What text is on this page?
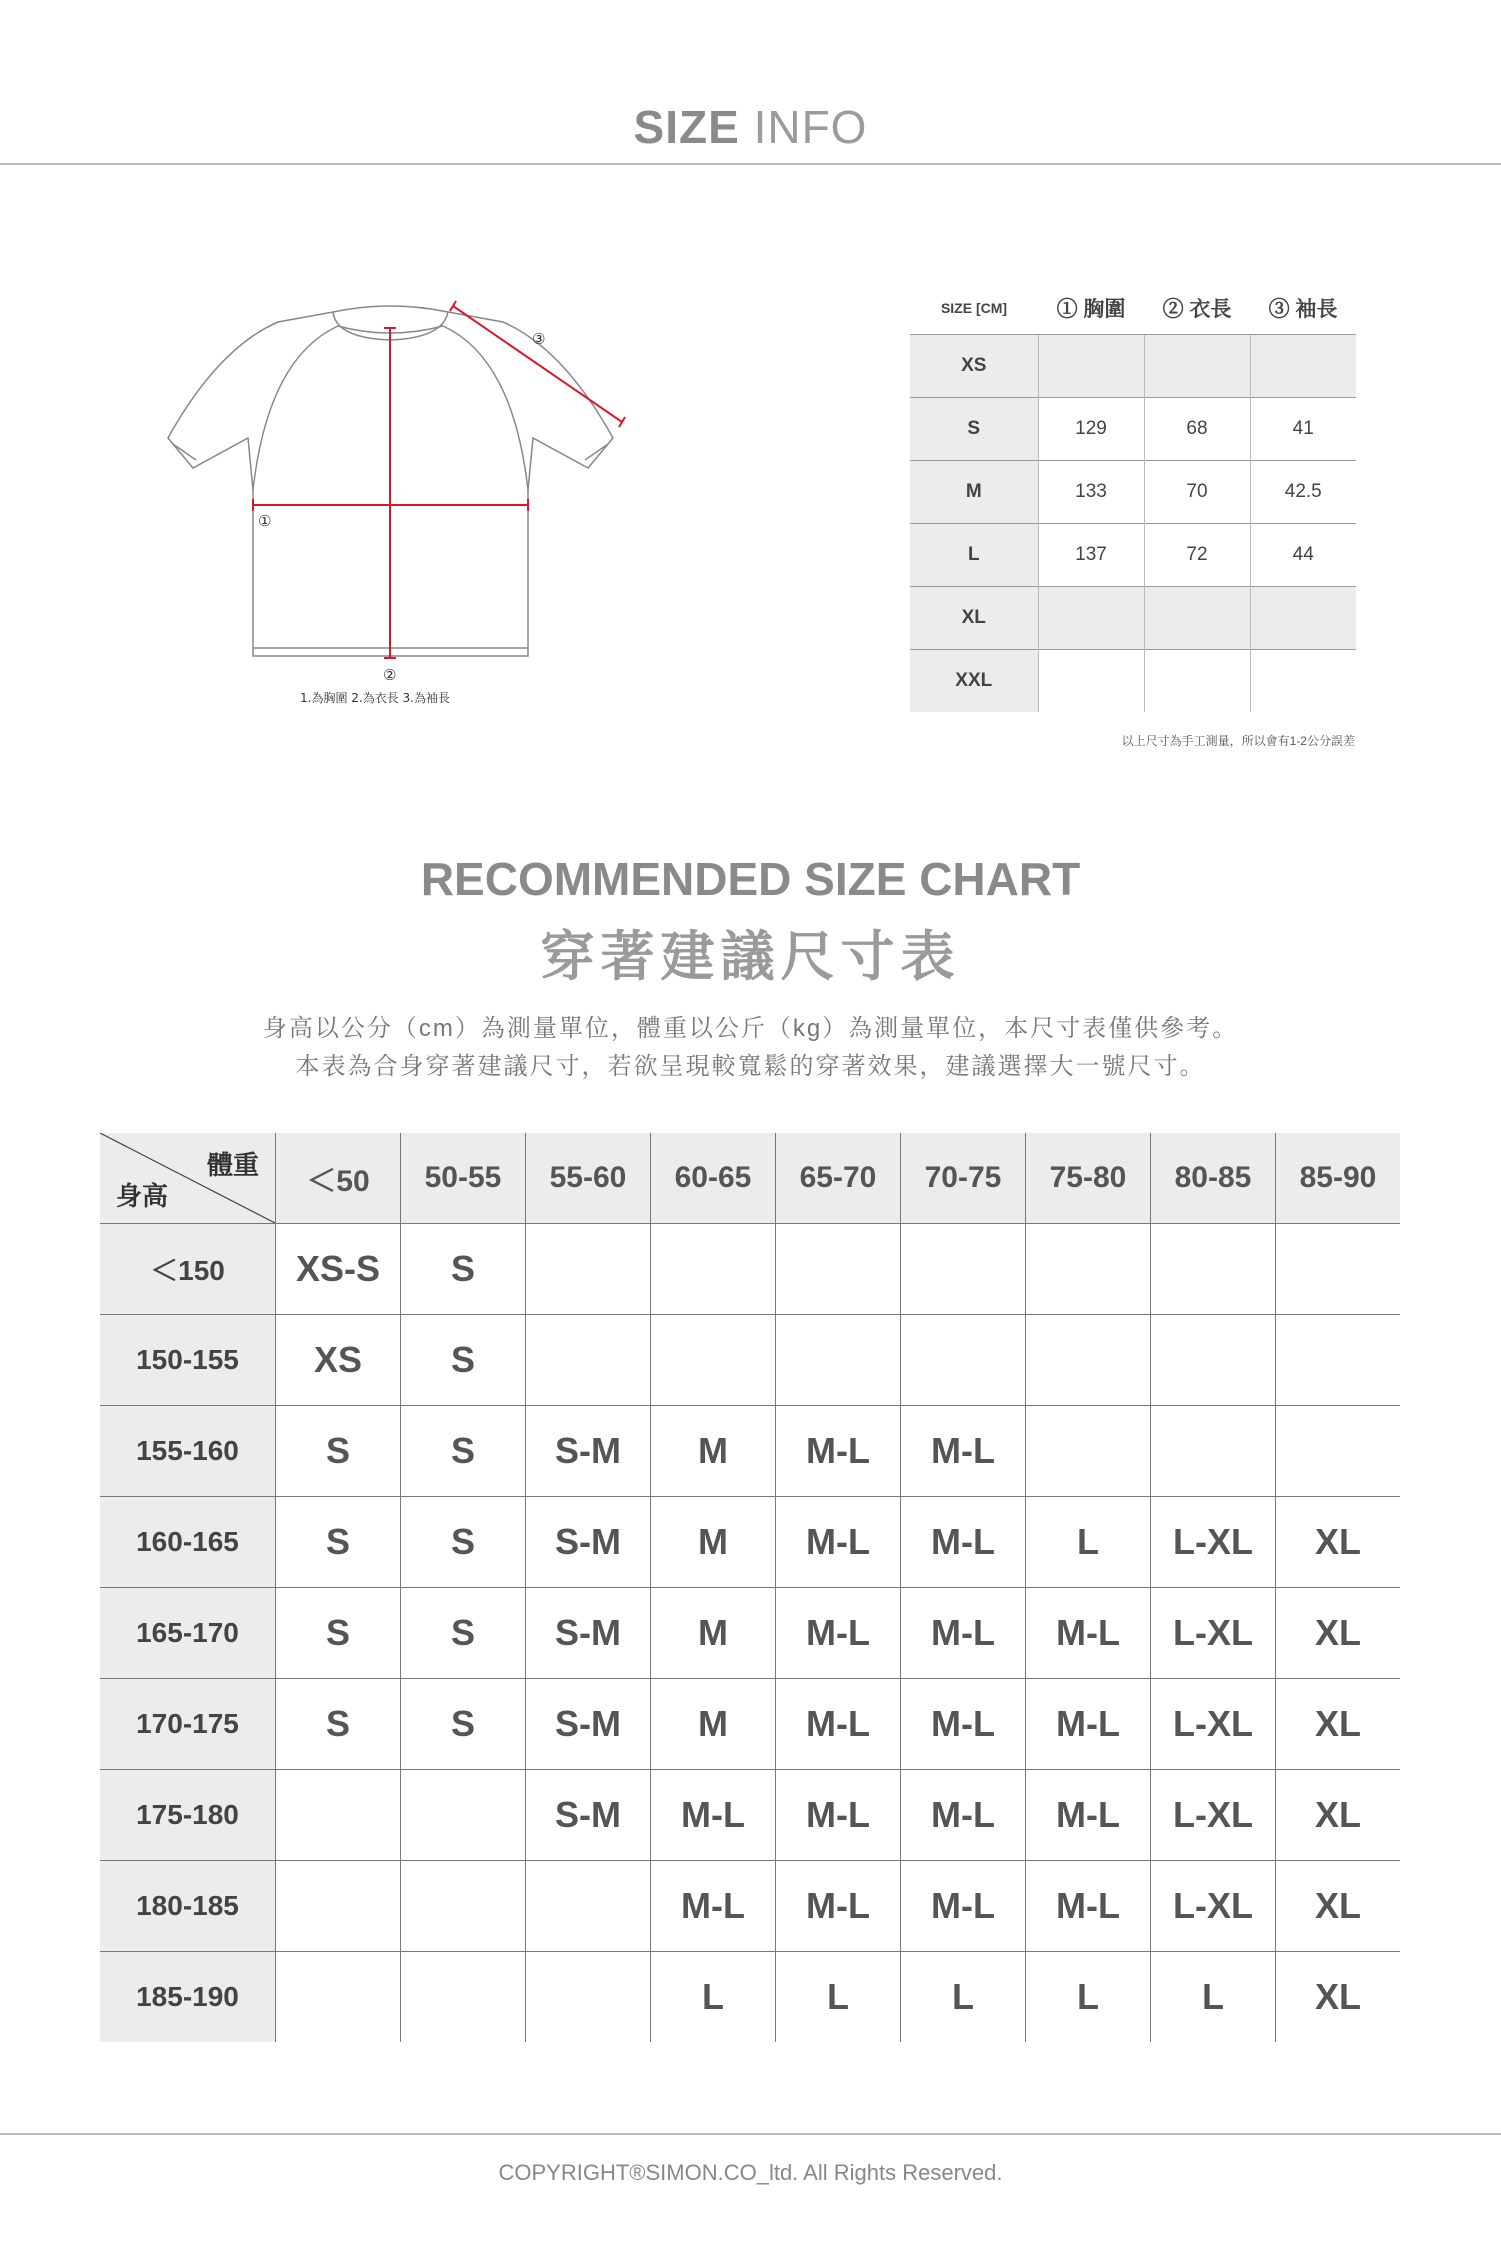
SIZE INFO
①
②
③
1.為胸圍 2.為衣長 3.為袖長
SIZE [CM]	① 胸圍	② 衣長	③ 袖長
XS			
S	129	68	41
M	133	70	42.5
L	137	72	44
XL			
XXL			
以上尺寸為手工測量，所以會有1-2公分誤差
RECOMMENDED SIZE CHART
穿著建議尺寸表
身高以公分（cm）為測量單位，體重以公斤（kg）為測量單位，本尺寸表僅供參考。
本表為合身穿著建議尺寸，若欲呈現較寬鬆的穿著效果，建議選擇大一號尺寸。
體重
身高	＜50	50-55	55-60	60-65	65-70	70-75	75-80	80-85	85-90
＜150	XS-S	S							
150-155	XS	S							
155-160	S	S	S-M	M	M-L	M-L			
160-165	S	S	S-M	M	M-L	M-L	L	L-XL	XL
165-170	S	S	S-M	M	M-L	M-L	M-L	L-XL	XL
170-175	S	S	S-M	M	M-L	M-L	M-L	L-XL	XL
175-180			S-M	M-L	M-L	M-L	M-L	L-XL	XL
180-185				M-L	M-L	M-L	M-L	L-XL	XL
185-190				L	L	L	L	L	XL
COPYRIGHT®SIMON.CO_ltd. All Rights Reserved.
